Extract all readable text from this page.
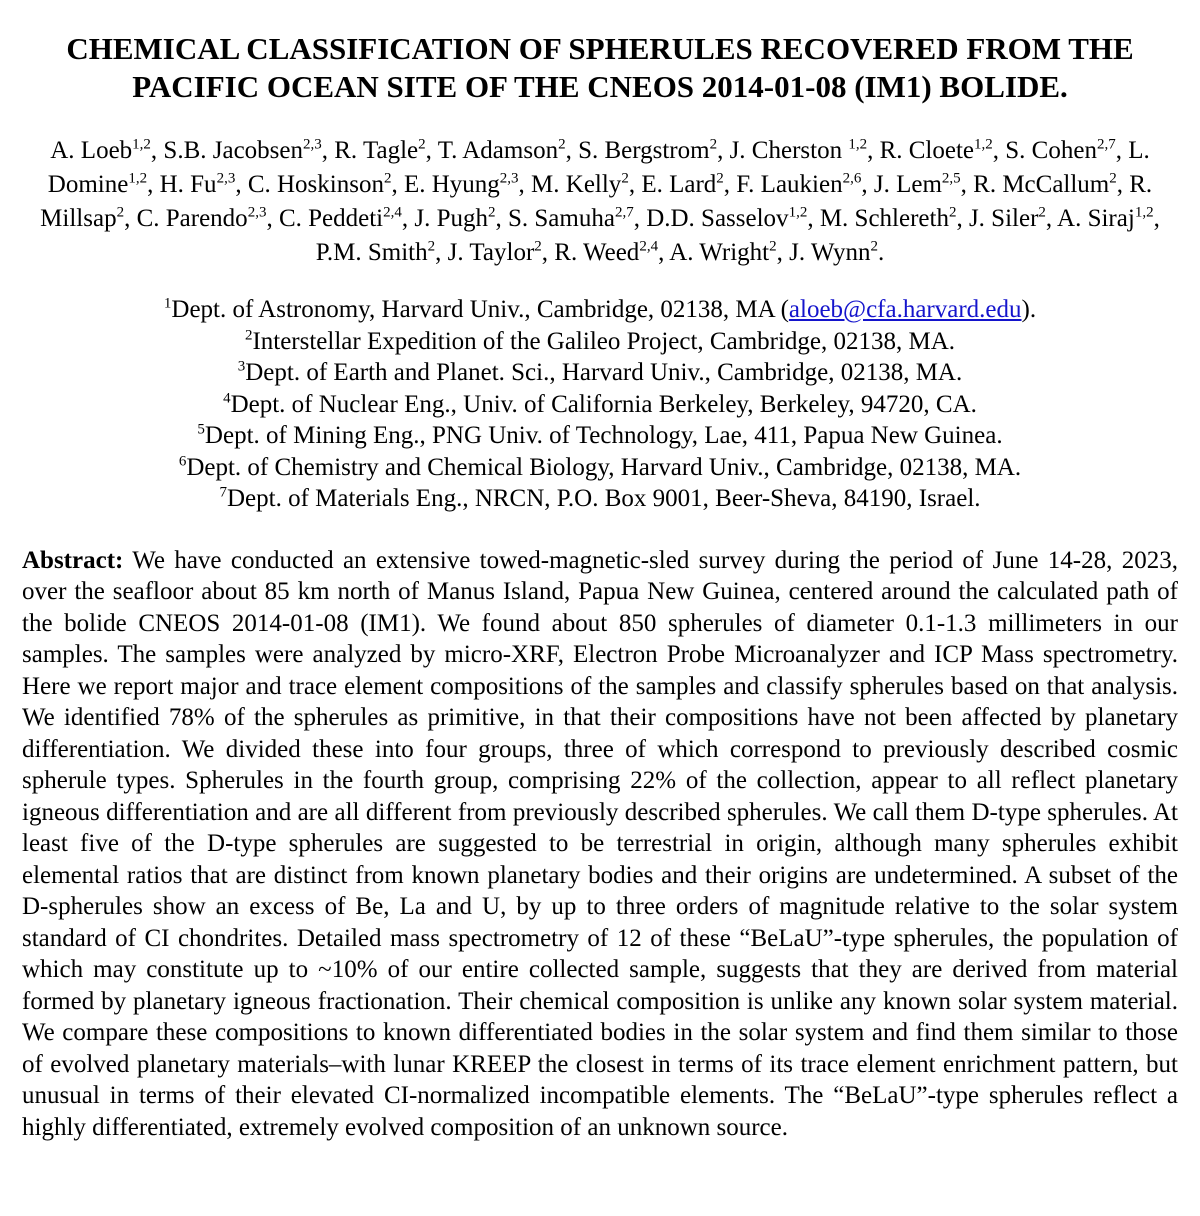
CHEMICAL CLASSIFICATION OF SPHERULES RECOVERED FROM THE PACIFIC OCEAN SITE OF THE CNEOS 2014-01-08 (IM1) BOLIDE.
A. Loeb$^{1,2}$, S.B. Jacobsen$^{2,3}$, R. Tagle$^2$, T. Adamson$^2$, S. Bergstrom$^2$, J. Cherston $^{1,2}$, R. Cloete$^{1,2}$, S. Cohen$^{2,7}$, L. Domine$^{1,2}$, H. Fu$^{2,3}$, C. Hoskinson$^2$, E. Hyung$^{2,3}$, M. Kelly$^2$, E. Lard$^2$, F. Laukien$^{2,6}$, J. Lem$^{2,5}$, R. McCallum$^2$, R. Millsap$^2$, C. Parendo$^{2,3}$, C. Peddeti$^{2,4}$, J. Pugh$^2$, S. Samuha$^{2,7}$, D.D. Sasselov$^{1,2}$, M. Schlereth$^2$, J. Siler$^2$, A. Siraj$^{1,2}$, P.M. Smith$^2$, J. Taylor$^2$, R. Weed$^{2,4}$, A. Wright$^2$, J. Wynn$^2$.
$^1$Dept. of Astronomy, Harvard Univ., Cambridge, 02138, MA (aloeb@cfa.harvard.edu).
$^2$Interstellar Expedition of the Galileo Project, Cambridge, 02138, MA.
$^3$Dept. of Earth and Planet. Sci., Harvard Univ., Cambridge, 02138, MA.
$^4$Dept. of Nuclear Eng., Univ. of California Berkeley, Berkeley, 94720, CA.
$^5$Dept. of Mining Eng., PNG Univ. of Technology, Lae, 411, Papua New Guinea.
$^6$Dept. of Chemistry and Chemical Biology, Harvard Univ., Cambridge, 02138, MA.
$^7$Dept. of Materials Eng., NRCN, P.O. Box 9001, Beer-Sheva, 84190, Israel.

Abstract: We have conducted an extensive towed-magnetic-sled survey during the period of June 14-28, 2023, over the seafloor about 85 km north of Manus Island, Papua New Guinea, centered around the calculated path of the bolide CNEOS 2014-01-08 (IM1). We found about 850 spherules of diameter 0.1-1.3 millimeters in our samples. The samples were analyzed by micro-XRF, Electron Probe Microanalyzer and ICP Mass spectrometry. Here we report major and trace element compositions of the samples and classify spherules based on that analysis. We identified 78% of the spherules as primitive, in that their compositions have not been affected by planetary differentiation. We divided these into four groups, three of which correspond to previously described cosmic spherule types. Spherules in the fourth group, comprising 22% of the collection, appear to all reflect planetary igneous differentiation and are all different from previously described spherules. We call them D-type spherules. At least five of the D-type spherules are suggested to be terrestrial in origin, although many spherules exhibit elemental ratios that are distinct from known planetary bodies and their origins are undetermined. A subset of the D-spherules show an excess of Be, La and U, by up to three orders of magnitude relative to the solar system standard of CI chondrites. Detailed mass spectrometry of 12 of these “BeLaU”-type spherules, the population of which may constitute up to ~10% of our entire collected sample, suggests that they are derived from material formed by planetary igneous fractionation. Their chemical composition is unlike any known solar system material. We compare these compositions to known differentiated bodies in the solar system and find them similar to those of evolved planetary materials–with lunar KREEP the closest in terms of its trace element enrichment pattern, but unusual in terms of their elevated CI-normalized incompatible elements. The “BeLaU”-type spherules reflect a highly differentiated, extremely evolved composition of an unknown source.
